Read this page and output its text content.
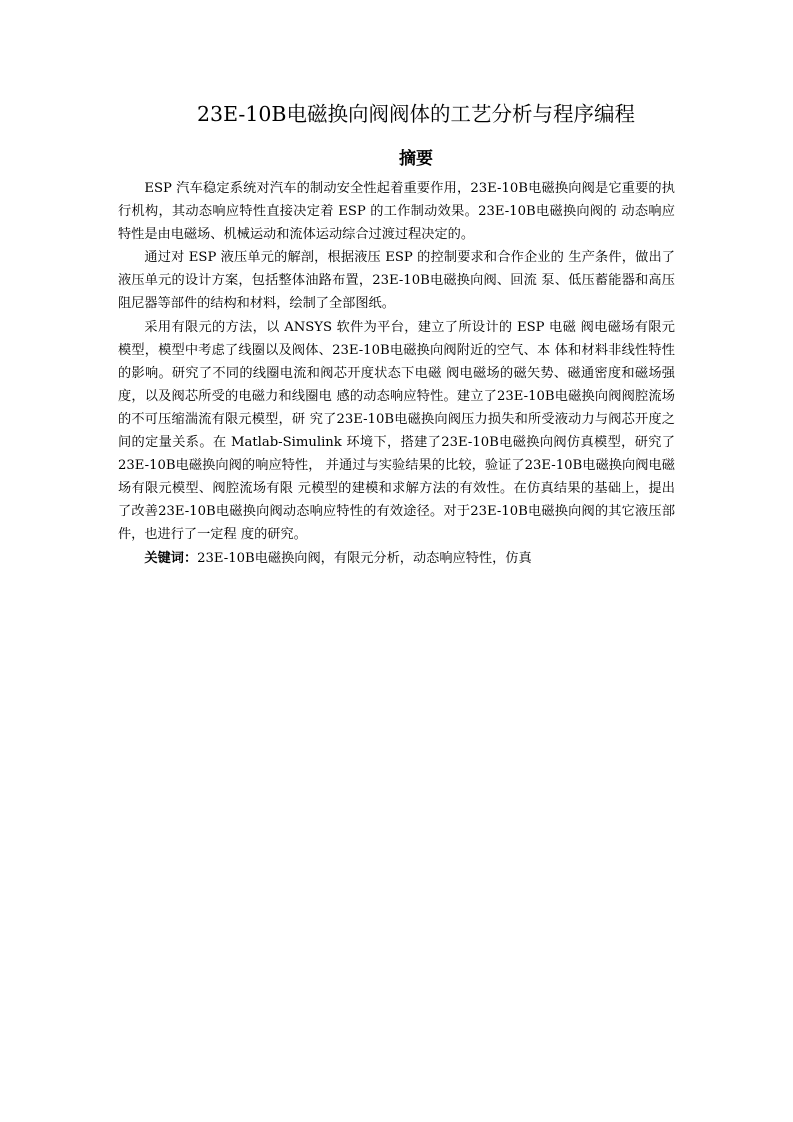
23E-10B电磁换向阀阀体的工艺分析与程序编程
摘要

ESP 汽车稳定系统对汽车的制动安全性起着重要作用，23E-10B电磁换向阀是它重要的执行机构，其动态响应特性直接决定着 ESP 的工作制动效果。23E-10B电磁换向阀的 动态响应特性是由电磁场、机械运动和流体运动综合过渡过程决定的。

通过对 ESP 液压单元的解剖，根据液压 ESP 的控制要求和合作企业的 生产条件，做出了液压单元的设计方案，包括整体油路布置，23E-10B电磁换向阀、回流 泵、低压蓄能器和高压阻尼器等部件的结构和材料，绘制了全部图纸。

采用有限元的方法，以 ANSYS 软件为平台，建立了所设计的 ESP 电磁 阀电磁场有限元模型，模型中考虑了线圈以及阀体、23E-10B电磁换向阀附近的空气、本 体和材料非线性特性的影响。研究了不同的线圈电流和阀芯开度状态下电磁 阀电磁场的磁矢势、磁通密度和磁场强度，以及阀芯所受的电磁力和线圈电 感的动态响应特性。建立了23E-10B电磁换向阀阀腔流场的不可压缩湍流有限元模型，研 究了23E-10B电磁换向阀压力损失和所受液动力与阀芯开度之间的定量关系。在 Matlab-Simulink 环境下，搭建了23E-10B电磁换向阀仿真模型，研究了23E-10B电磁换向阀的响应特性， 并通过与实验结果的比较，验证了23E-10B电磁换向阀电磁场有限元模型、阀腔流场有限 元模型的建模和求解方法的有效性。在仿真结果的基础上，提出了改善23E-10B电磁换向阀动态响应特性的有效途径。对于23E-10B电磁换向阀的其它液压部件，也进行了一定程 度的研究。

关键词：23E-10B电磁换向阀，有限元分析，动态响应特性，仿真
